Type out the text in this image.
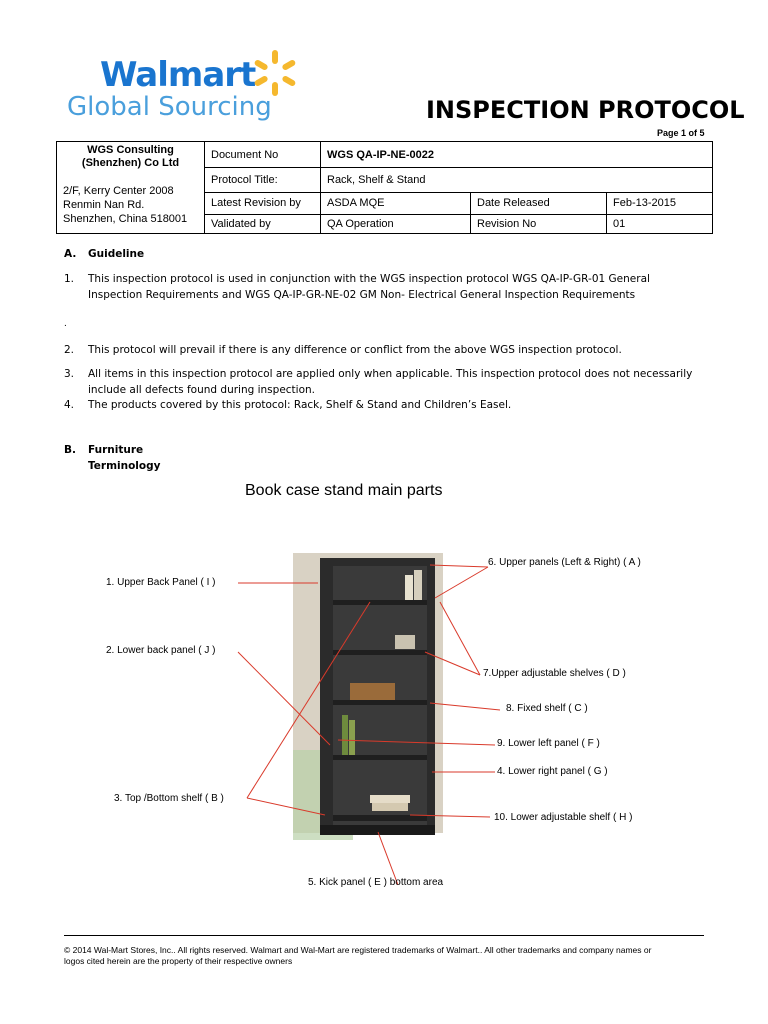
Walmart
Global Sourcing	INSPECTION PROTOCOL
Page 1 of 5
WGS Consulting
(Shenzhen) Co Ltd
2/F, Kerry Center 2008
Renmin Nan Rd.
Shenzhen, China 518001	Document No	WGS QA-IP-NE-0022		
	Protocol Title:	Rack, Shelf & Stand		
	Latest Revision by	ASDA MQE	Date Released	Feb-13-2015
	Validated by	QA Operation	Revision No	01
A. Guideline
1. This inspection protocol is used in conjunction with the WGS inspection protocol WGS QA-IP-GR-01 General
Inspection Requirements and WGS QA-IP-GR-NE-02 GM Non- Electrical General Inspection Requirements
.
2. This protocol will prevail if there is any difference or conflict from the above WGS inspection protocol.
3. All items in this inspection protocol are applied only when applicable. This inspection protocol does not necessarily
include all defects found during inspection.
4. The products covered by this protocol: Rack, Shelf & Stand and Children’s Easel.
B. Furniture
Terminology
Book case stand main parts
1. Upper Back Panel ( I )
2. Lower back panel ( J )
3. Top /Bottom shelf ( B )
5. Kick panel ( E ) bottom area
6. Upper panels (Left & Right) ( A )
7.Upper adjustable shelves ( D )
8. Fixed shelf ( C )
9. Lower left panel ( F )
4. Lower right panel ( G )
10. Lower adjustable shelf ( H )
© 2014 Wal-Mart Stores, Inc.. All rights reserved. Walmart and Wal-Mart are registered trademarks of Walmart.. All other trademarks and company names or
logos cited herein are the property of their respective owners
